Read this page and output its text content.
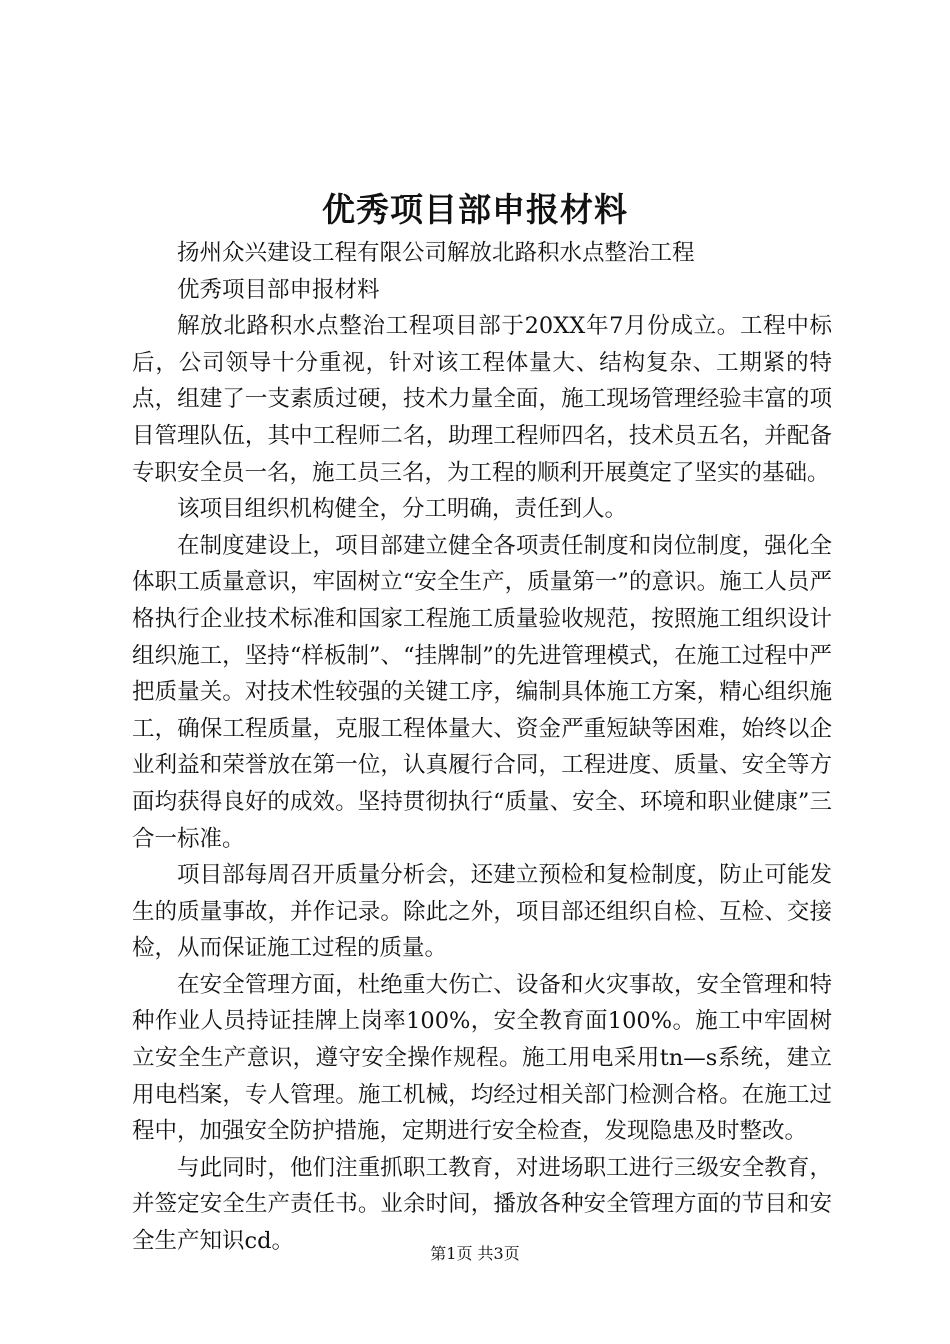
优秀项目部申报材料

扬州众兴建设工程有限公司解放北路积水点整治工程

优秀项目部申报材料

解放北路积水点整治工程项目部于20XX年7月份成立。工程中标后，公司领导十分重视，针对该工程体量大、结构复杂、工期紧的特点，组建了一支素质过硬，技术力量全面，施工现场管理经验丰富的项目管理队伍，其中工程师二名，助理工程师四名，技术员五名，并配备专职安全员一名，施工员三名，为工程的顺利开展奠定了坚实的基础。

该项目组织机构健全，分工明确，责任到人。

在制度建设上，项目部建立健全各项责任制度和岗位制度，强化全体职工质量意识，牢固树立“安全生产，质量第一”的意识。施工人员严格执行企业技术标准和国家工程施工质量验收规范，按照施工组织设计组织施工，坚持“样板制”、“挂牌制”的先进管理模式，在施工过程中严把质量关。对技术性较强的关键工序，编制具体施工方案，精心组织施工，确保工程质量，克服工程体量大、资金严重短缺等困难，始终以企业利益和荣誉放在第一位，认真履行合同，工程进度、质量、安全等方面均获得良好的成效。坚持贯彻执行“质量、安全、环境和职业健康”三合一标准。

项目部每周召开质量分析会，还建立预检和复检制度，防止可能发生的质量事故，并作记录。除此之外，项目部还组织自检、互检、交接检，从而保证施工过程的质量。

在安全管理方面，杜绝重大伤亡、设备和火灾事故，安全管理和特种作业人员持证挂牌上岗率100%，安全教育面100%。施工中牢固树立安全生产意识，遵守安全操作规程。施工用电采用tn—s系统，建立用电档案，专人管理。施工机械，均经过相关部门检测合格。在施工过程中，加强安全防护措施，定期进行安全检查，发现隐患及时整改。

与此同时，他们注重抓职工教育，对进场职工进行三级安全教育，并签定安全生产责任书。业余时间，播放各种安全管理方面的节目和安全生产知识cd。	第1页 共3页
